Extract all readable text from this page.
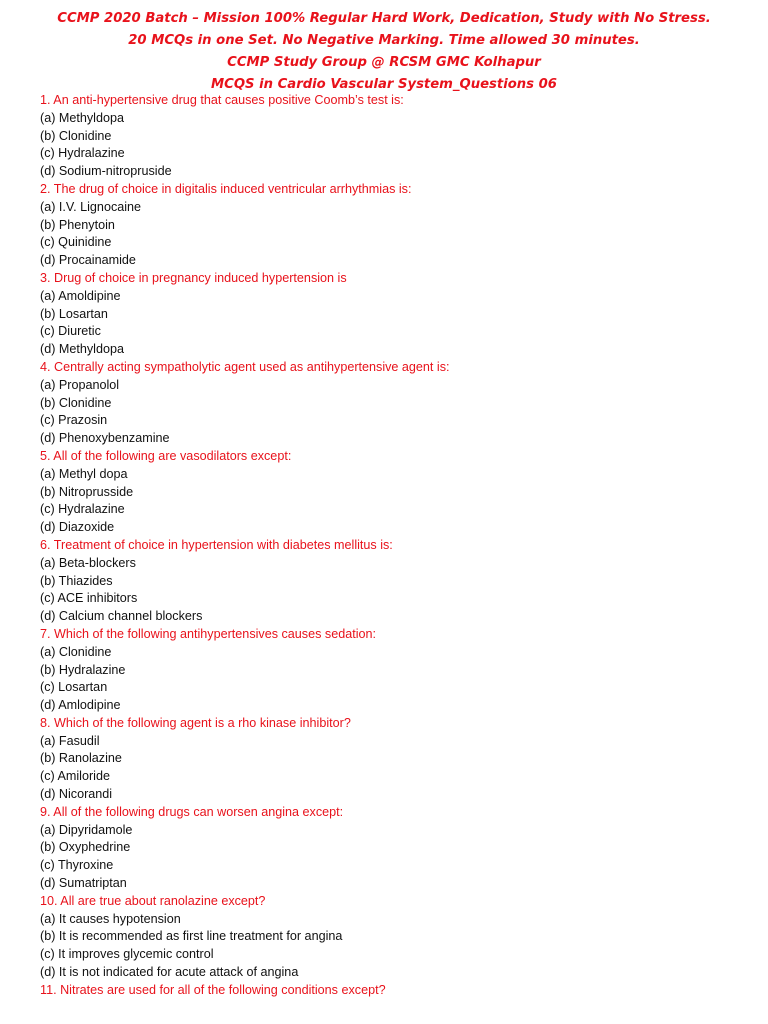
CCMP 2020 Batch – Mission 100% Regular Hard Work, Dedication, Study with No Stress.
20 MCQs in one Set. No Negative Marking. Time allowed 30 minutes.
CCMP Study Group @ RCSM GMC Kolhapur
MCQS in Cardio Vascular System_Questions 06
1. An anti-hypertensive drug that causes positive Coomb’s test is:
(a) Methyldopa
(b) Clonidine
(c) Hydralazine
(d) Sodium-nitropruside
2. The drug of choice in digitalis induced ventricular arrhythmias is:
(a) I.V. Lignocaine
(b) Phenytoin
(c) Quinidine
(d) Procainamide
3. Drug of choice in pregnancy induced hypertension is
(a) Amoldipine
(b) Losartan
(c) Diuretic
(d) Methyldopa
4. Centrally acting sympatholytic agent used as antihypertensive agent is:
(a) Propanolol
(b) Clonidine
(c) Prazosin
(d) Phenoxybenzamine
5. All of the following are vasodilators except:
(a) Methyl dopa
(b) Nitroprusside
(c) Hydralazine
(d) Diazoxide
6. Treatment of choice in hypertension with diabetes mellitus is:
(a) Beta-blockers
(b) Thiazides
(c) ACE inhibitors
(d) Calcium channel blockers
7. Which of the following antihypertensives causes sedation:
(a) Clonidine
(b) Hydralazine
(c) Losartan
(d) Amlodipine
8. Which of the following agent is a rho kinase inhibitor?
(a) Fasudil
(b) Ranolazine
(c) Amiloride
(d) Nicorandi
9. All of the following drugs can worsen angina except:
(a) Dipyridamole
(b) Oxyphedrine
(c) Thyroxine
(d) Sumatriptan
10. All are true about ranolazine except?
(a) It causes hypotension
(b) It is recommended as first line treatment for angina
(c) It improves glycemic control
(d) It is not indicated for acute attack of angina
11. Nitrates are used for all of the following conditions except?
